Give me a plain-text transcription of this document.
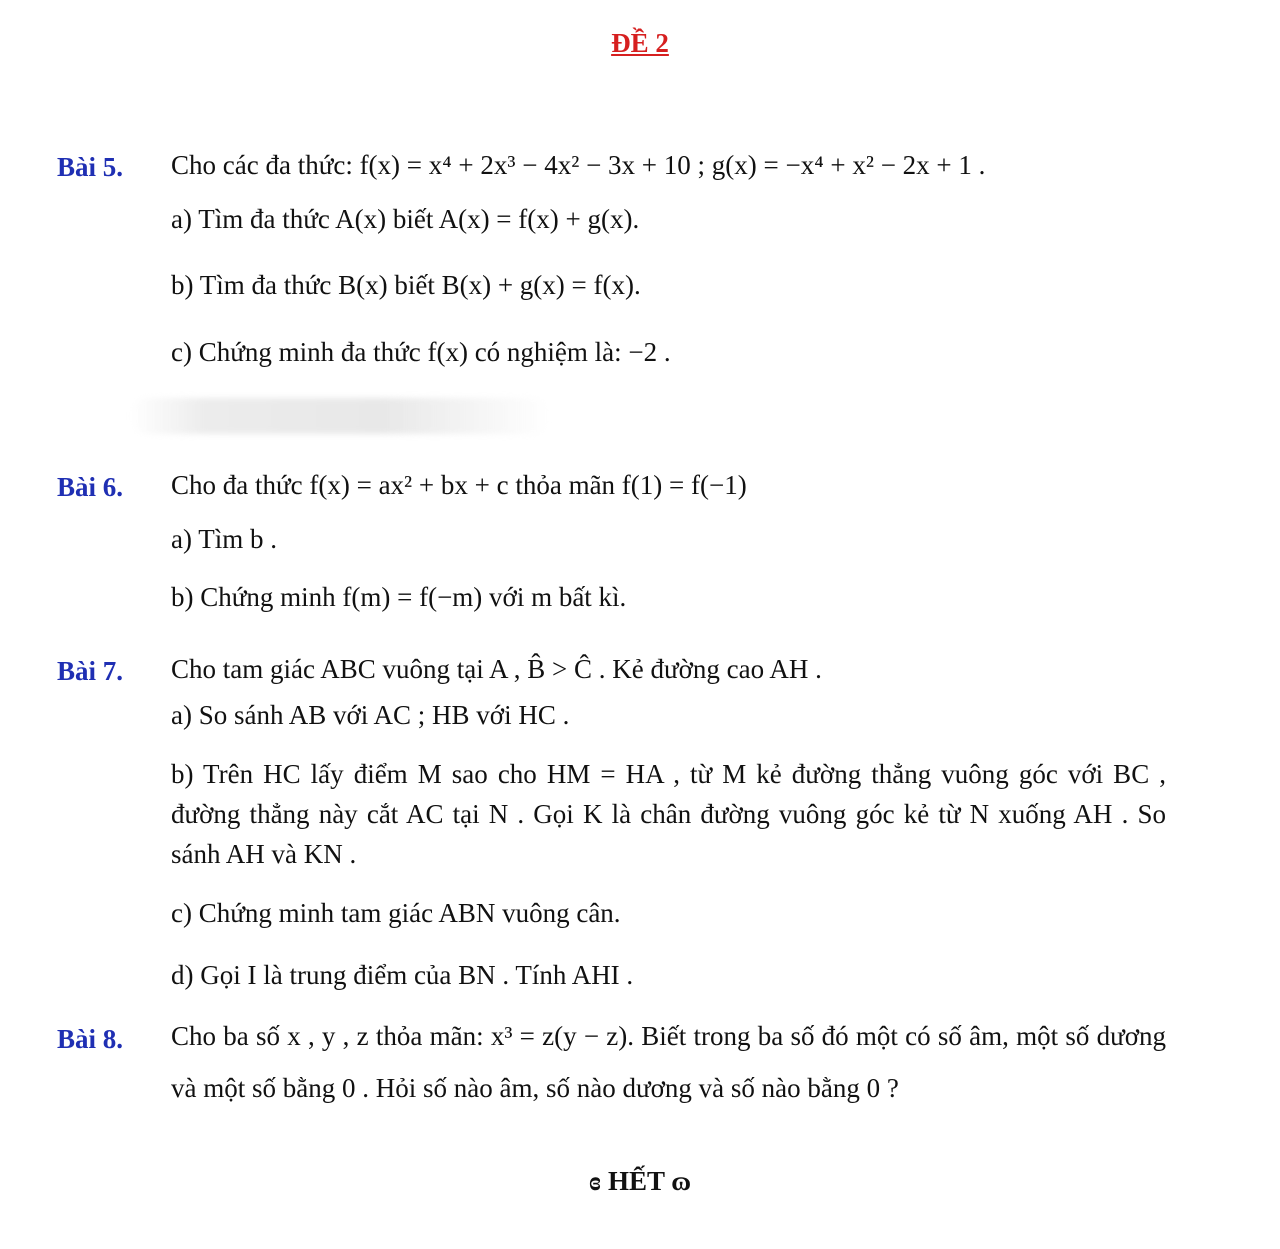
ĐỀ 2
Bài 5. Cho các đa thức: f(x) = x⁴ + 2x³ − 4x² − 3x + 10 ; g(x) = −x⁴ + x² − 2x + 1 .
a) Tìm đa thức A(x) biết A(x) = f(x) + g(x).
b) Tìm đa thức B(x) biết B(x) + g(x) = f(x).
c) Chứng minh đa thức f(x) có nghiệm là: −2 .
Bài 6. Cho đa thức f(x) = ax² + bx + c thỏa mãn f(1) = f(−1)
a) Tìm b .
b) Chứng minh f(m) = f(−m) với m bất kì.
Bài 7. Cho tam giác ABC vuông tại A , B̂ > Ĉ . Kẻ đường cao AH .
a) So sánh AB với AC ; HB với HC .
b) Trên HC lấy điểm M sao cho HM = HA , từ M kẻ đường thẳng vuông góc với BC , đường thẳng này cắt AC tại N . Gọi K là chân đường vuông góc kẻ từ N xuống AH . So sánh AH và KN .
c) Chứng minh tam giác ABN vuông cân.
d) Gọi I là trung điểm của BN . Tính AHI .
Bài 8. Cho ba số x , y , z thỏa mãn: x³ = z(y − z). Biết trong ba số đó một có số âm, một số dương và một số bằng 0 . Hỏi số nào âm, số nào dương và số nào bằng 0 ?
ɞ HẾT ɷ
